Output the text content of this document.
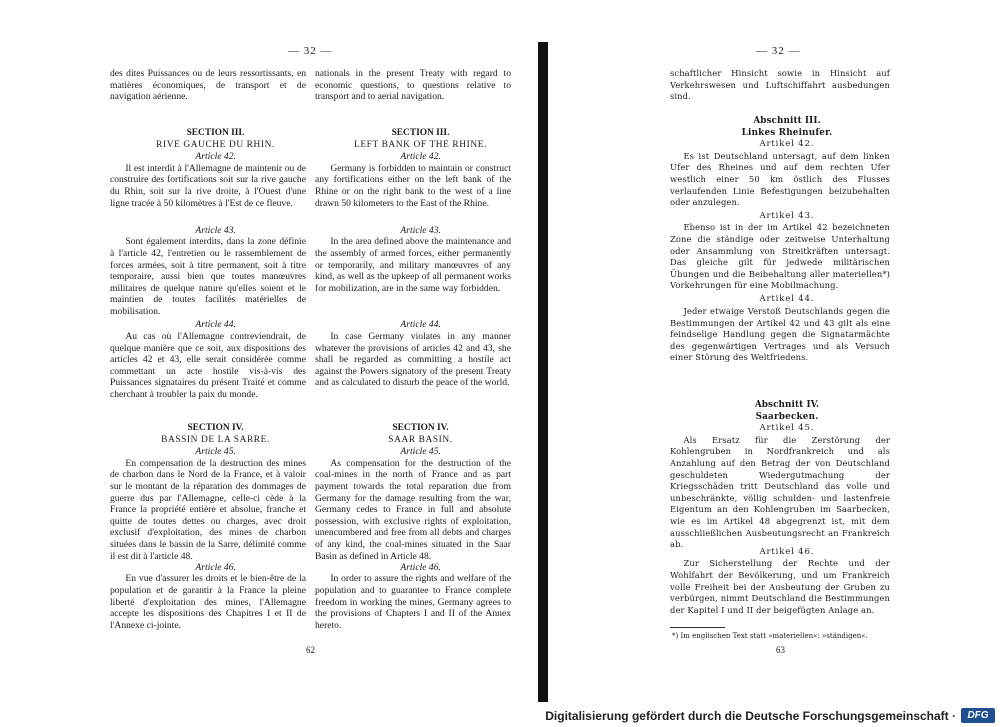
— 32 —

des dites Puissances ou de leurs ressortissants, en matières économiques, de transport et de navigation aérienne.

SECTION III.

RIVE GAUCHE DU RHIN.

Article 42.

Il est interdit à l'Allemagne de maintenir ou de construire des fortifications soit sur la rive gauche du Rhin, soit sur la rive droite, à l'Ouest d'une ligne tracée à 50 kilomètres à l'Est de ce fleuve.

Article 43.

Sont également interdits, dans la zone définie à l'article 42, l'entretien ou le rassemblement de forces armées, soit à titre permanent, soit à titre temporaire, aussi bien que toutes manœuvres militaires de quelque nature qu'elles soient et le maintien de toutes facilités matérielles de mobilisation.

Article 44.

Au cas où l'Allemagne contreviendrait, de quelque manière que ce soit, aux dispositions des articles 42 et 43, elle serait considérée comme commettant un acte hostile vis-à-vis des Puissances signataires du présent Traité et comme cherchant à troubler la paix du monde.

SECTION IV.

BASSIN DE LA SARRE.

Article 45.

En compensation de la destruction des mines de charbon dans le Nord de la France, et à valoir sur le montant de la réparation des dommages de guerre dus par l'Allemagne, celle-ci cède à la France la propriété entière et absolue, franche et quitte de toutes dettes ou charges, avec droit exclusif d'exploitation, des mines de charbon situées dans le bassin de la Sarre, délimité comme il est dit à l'article 48.

Article 46.

En vue d'assurer les droits et le bien-être de la population et de garantir à la France la pleine liberté d'exploitation des mines, l'Allemagne accepte les dispositions des Chapitres I et II de l'Annexe ci-jointe.

nationals in the present Treaty with regard to economic questions, to questions relative to transport and to aerial navigation.

SECTION III.

LEFT BANK OF THE RHINE.

Article 42.

Germany is forbidden to maintain or construct any fortifications either on the left bank of the Rhine or on the right bank to the west of a line drawn 50 kilometers to the East of the Rhine.

Article 43.

In the area defined above the maintenance and the assembly of armed forces, either permanently or temporarily, and military manœuvres of any kind, as well as the upkeep of all permanent works for mobilization, are in the same way forbidden.

Article 44.

In case Germany violates in any manner whatever the provisions of articles 42 and 43, she shall be regarded as committing a hostile act against the Powers signatory of the present Treaty and as calculated to disturb the peace of the world.

SECTION IV.

SAAR BASIN.

Article 45.

As compensation for the destruction of the coal-mines in the north of France and as part payment towards the total reparation due from Germany for the damage resulting from the war, Germany cedes to France in full and absolute possession, with exclusive rights of exploitation, unencumbered and free from all debts and charges of any kind, the coal-mines situated in the Saar Basin as defined in Article 48.

Article 46.

In order to assure the rights and welfare of the population and to guarantee to France complete freedom in working the mines, Germany agrees to the provisions of Chapters I and II of the Annex hereto.

62
— 32 —

schaftlicher Hinsicht sowie in Hinsicht auf Verkehrswesen und Luftschiffahrt ausbedungen sind.

Abschnitt III.

Linkes Rheinufer.

Artikel 42.

Es ist Deutschland untersagt, auf dem linken Ufer des Rheines und auf dem rechten Ufer westlich einer 50 km östlich des Flusses verlaufenden Linie Befestigungen beizubehalten oder anzulegen.

Artikel 43.

Ebenso ist in der im Artikel 42 bezeichneten Zone die ständige oder zeitweise Unterhaltung oder Ansammlung von Streitkräften untersagt. Das gleiche gilt für jedwede militärischen Übungen und die Beibehaltung aller materiellen*) Vorkehrungen für eine Mobilmachung.

Artikel 44.

Jeder etwaige Verstoß Deutschlands gegen die Bestimmungen der Artikel 42 und 43 gilt als eine feindselige Handlung gegen die Signatarmächte des gegenwärtigen Vertrages und als Versuch einer Störung des Weltfriedens.

Abschnitt IV.

Saarbecken.

Artikel 45.

Als Ersatz für die Zerstörung der Kohlengruben in Nordfrankreich und als Anzahlung auf den Betrag der von Deutschland geschuldeten Wiedergutmachung der Kriegsschäden tritt Deutschland das volle und unbeschränkte, völlig schulden- und lastenfreie Eigentum an den Kohlengruben im Saarbecken, wie es im Artikel 48 abgegrenzt ist, mit dem ausschließlichen Ausbeutungsrecht an Frankreich ab.

Artikel 46.

Zur Sicherstellung der Rechte und der Wohlfahrt der Bevölkerung, und um Frankreich volle Freiheit bei der Ausbeutung der Gruben zu verbürgen, nimmt Deutschland die Bestimmungen der Kapitel I und II der beigefügten Anlage an.

63
*) Im englischen Text statt »materiellen«: »ständigen«.
Digitalisierung gefördert durch die Deutsche Forschungsgemeinschaft ·	DFG
